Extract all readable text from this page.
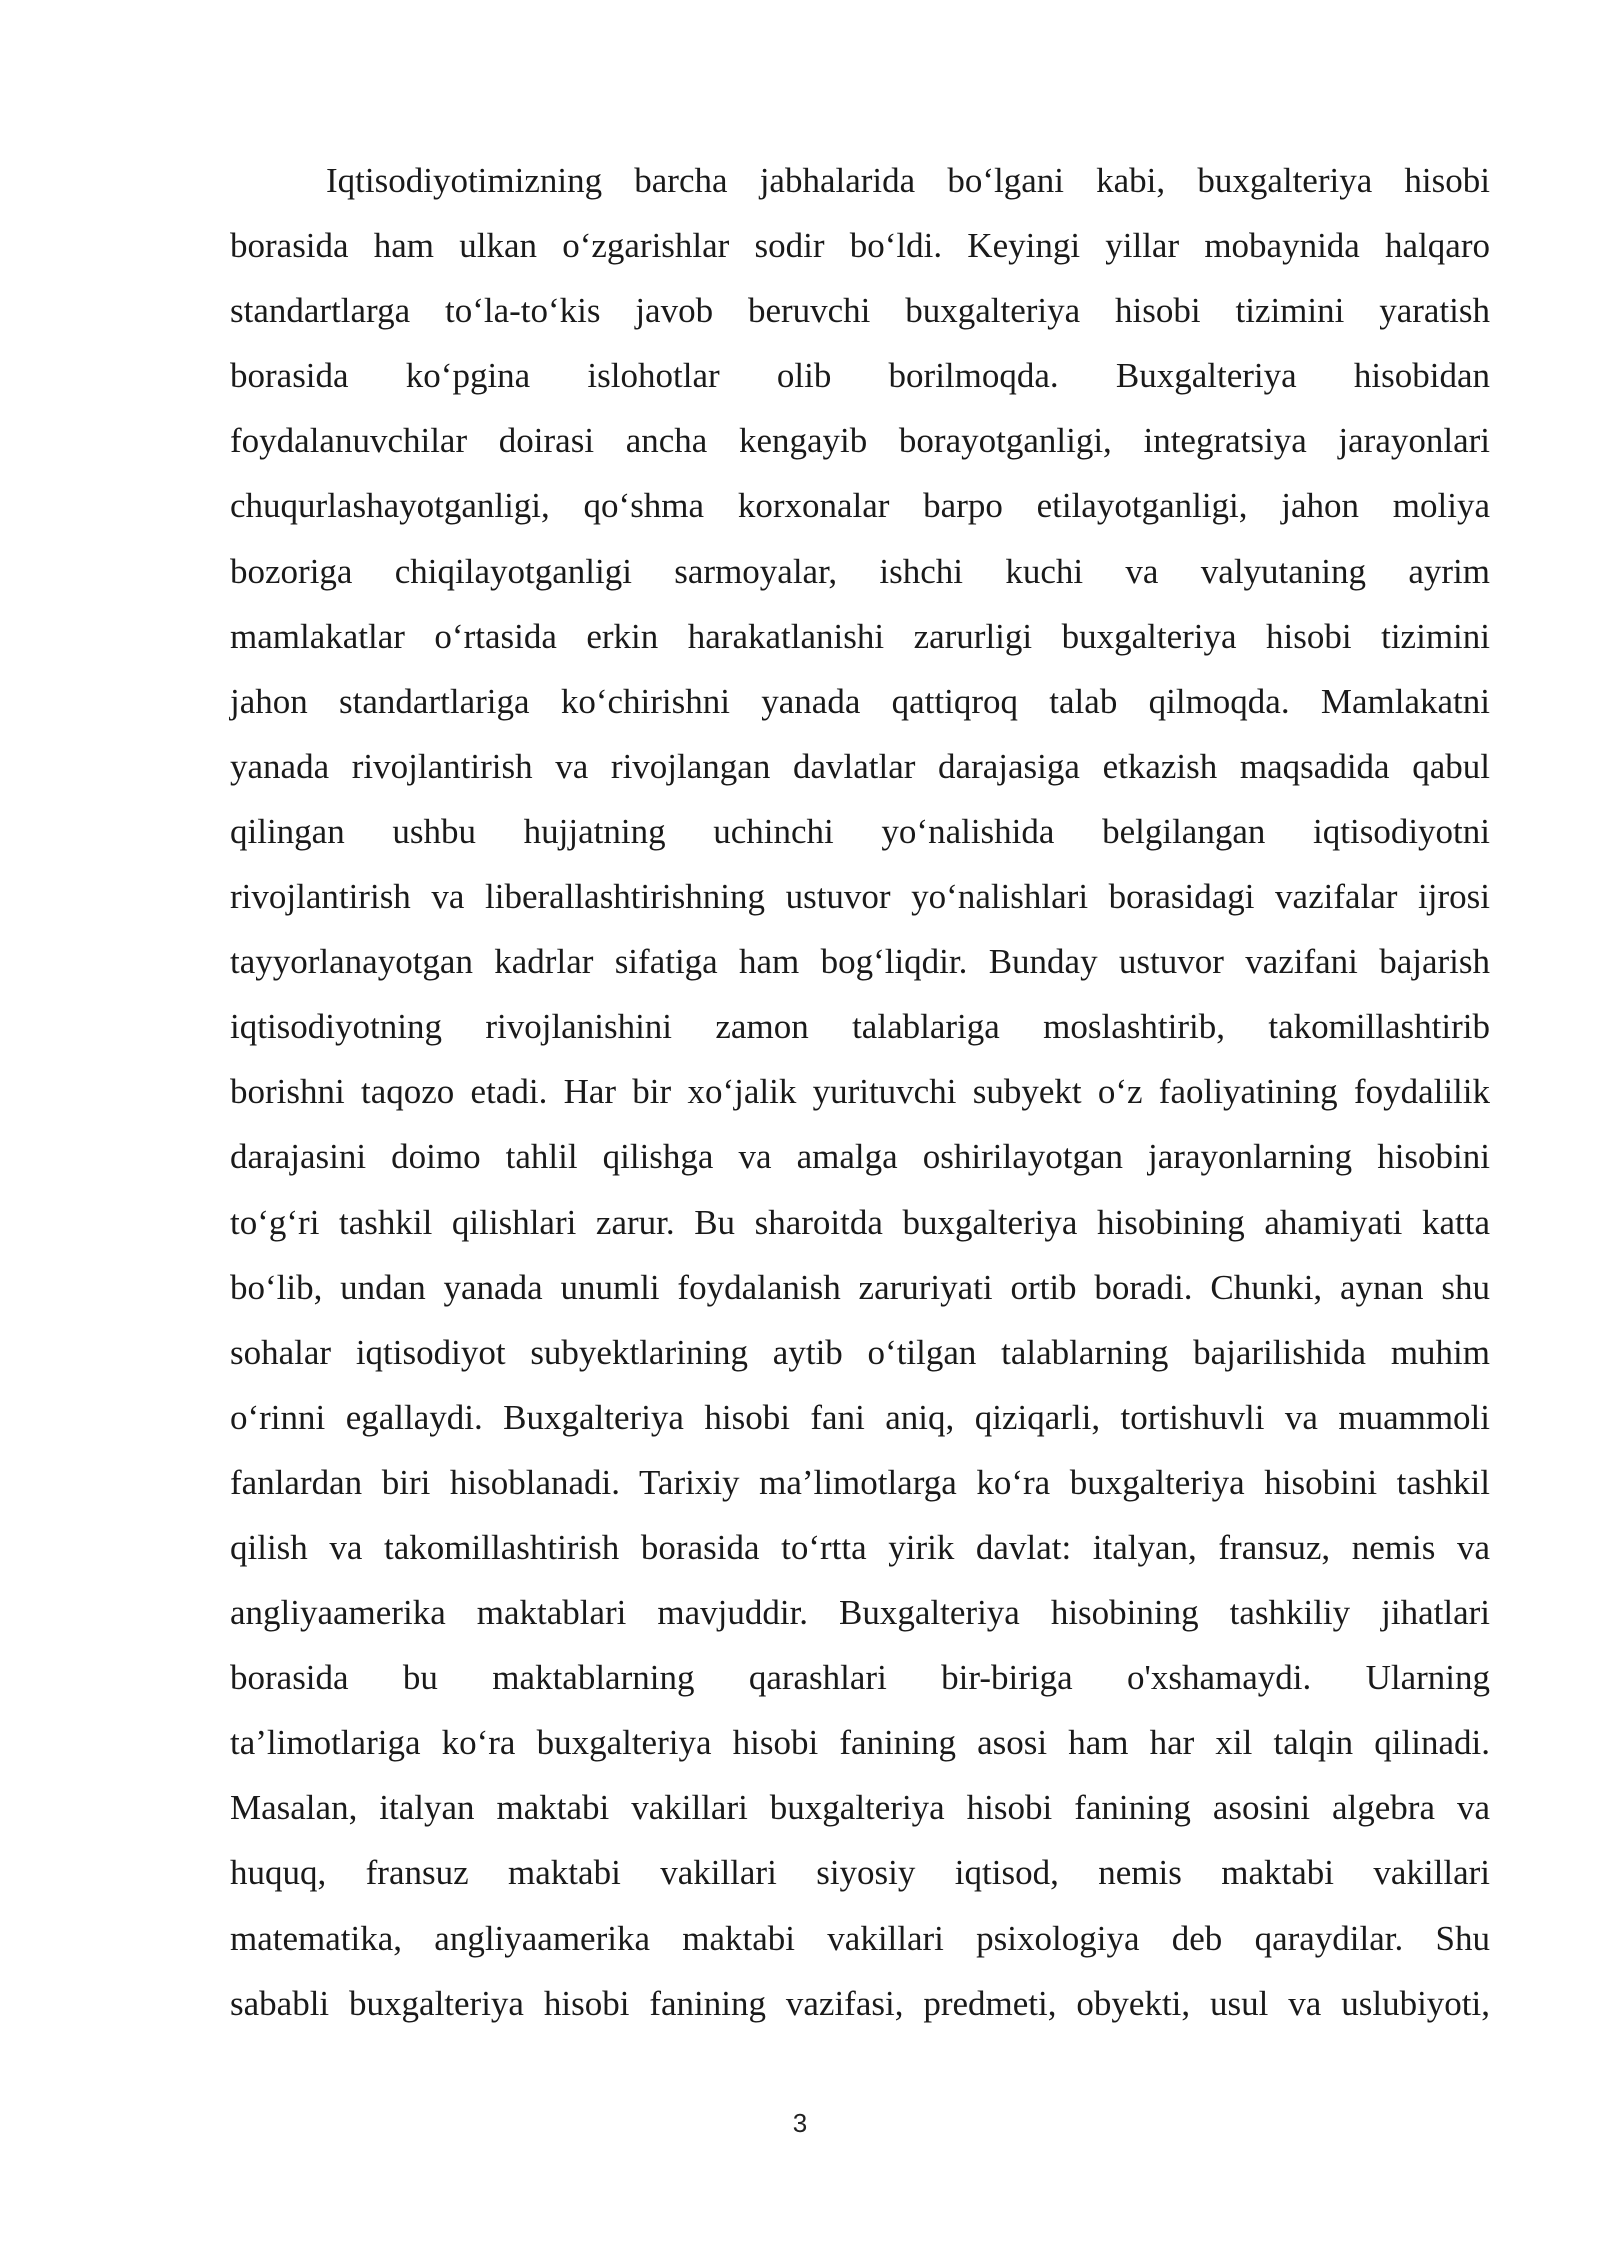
Iqtisodiyotimizning barcha jabhalarida bo‘lgani kabi, buxgalteriya hisobi
borasida ham ulkan o‘zgarishlar sodir bo‘ldi. Keyingi yillar mobaynida halqaro
standartlarga to‘la-to‘kis javob beruvchi buxgalteriya hisobi tizimini yaratish
borasida ko‘pgina islohotlar olib borilmoqda. Buxgalteriya hisobidan
foydalanuvchilar doirasi ancha kengayib borayotganligi, integratsiya jarayonlari
chuqurlashayotganligi, qo‘shma korxonalar barpo etilayotganligi, jahon moliya
bozoriga chiqilayotganligi sarmoyalar, ishchi kuchi va valyutaning ayrim
mamlakatlar o‘rtasida erkin harakatlanishi zarurligi buxgalteriya hisobi tizimini
jahon standartlariga ko‘chirishni yanada qattiqroq talab qilmoqda. Mamlakatni
yanada rivojlantirish va rivojlangan davlatlar darajasiga etkazish maqsadida qabul
qilingan ushbu hujjatning uchinchi yo‘nalishida belgilangan iqtisodiyotni
rivojlantirish va liberallashtirishning ustuvor yo‘nalishlari borasidagi vazifalar ijrosi
tayyorlanayotgan kadrlar sifatiga ham bog‘liqdir. Bunday ustuvor vazifani bajarish
iqtisodiyotning rivojlanishini zamon talablariga moslashtirib, takomillashtirib
borishni taqozo etadi. Har bir xo‘jalik yurituvchi subyekt o‘z faoliyatining foydalilik
darajasini doimo tahlil qilishga va amalga oshirilayotgan jarayonlarning hisobini
to‘g‘ri tashkil qilishlari zarur. Bu sharoitda buxgalteriya hisobining ahamiyati katta
bo‘lib, undan yanada unumli foydalanish zaruriyati ortib boradi. Chunki, aynan shu
sohalar iqtisodiyot subyektlarining aytib o‘tilgan talablarning bajarilishida muhim
o‘rinni egallaydi. Buxgalteriya hisobi fani aniq, qiziqarli, tortishuvli va muammoli
fanlardan biri hisoblanadi. Tarixiy ma’limotlarga ko‘ra buxgalteriya hisobini tashkil
qilish va takomillashtirish borasida to‘rtta yirik davlat: italyan, fransuz, nemis va
angliyaamerika maktablari mavjuddir. Buxgalteriya hisobining tashkiliy jihatlari
borasida bu maktablarning qarashlari bir-biriga o'xshamaydi. Ularning
ta’limotlariga ko‘ra buxgalteriya hisobi fanining asosi ham har xil talqin qilinadi.
Masalan, italyan maktabi vakillari buxgalteriya hisobi fanining asosini algebra va
huquq, fransuz maktabi vakillari siyosiy iqtisod, nemis maktabi vakillari
matematika, angliyaamerika maktabi vakillari psixologiya deb qaraydilar. Shu
sababli buxgalteriya hisobi fanining vazifasi, predmeti, obyekti, usul va uslubiyoti,
3
